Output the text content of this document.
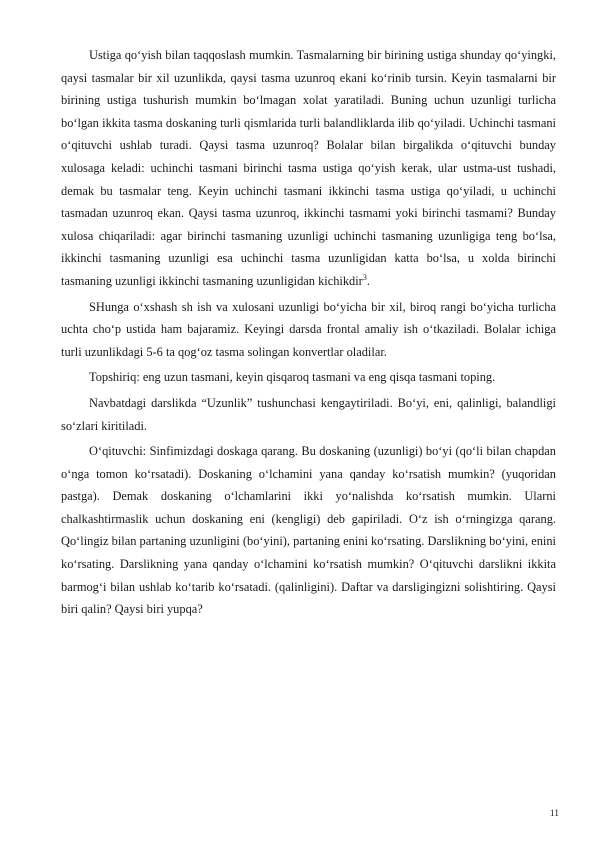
Ustiga qo‘yish bilan taqqoslash mumkin. Tasmalarning bir birining ustiga shunday qo‘yingki, qaysi tasmalar bir xil uzunlikda, qaysi tasma uzunroq ekani ko‘rinib tursin. Keyin tasmalarni bir birining ustiga tushurish mumkin bo‘lmagan xolat yaratiladi. Buning uchun uzunligi turlicha bo‘lgan ikkita tasma doskaning turli qismlarida turli balandliklarda ilib qo‘yiladi. Uchinchi tasmani o‘qituvchi ushlab turadi. Qaysi tasma uzunroq? Bolalar bilan birgalikda o‘qituvchi bunday xulosaga keladi: uchinchi tasmani birinchi tasma ustiga qo‘yish kerak, ular ustma-ust tushadi, demak bu tasmalar teng. Keyin uchinchi tasmani ikkinchi tasma ustiga qo‘yiladi, u uchinchi tasmadan uzunroq ekan. Qaysi tasma uzunroq, ikkinchi tasmami yoki birinchi tasmami? Bunday xulosa chiqariladi: agar birinchi tasmaning uzunligi uchinchi tasmaning uzunligiga teng bo‘lsa, ikkinchi tasmaning uzunligi esa uchinchi tasma uzunligidan katta bo‘lsa, u xolda birinchi tasmaning uzunligi ikkinchi tasmaning uzunligidan kichikdir$^3$.

SHunga o‘xshash sh ish va xulosani uzunligi bo‘yicha bir xil, biroq rangi bo‘yicha turlicha uchta cho‘p ustida ham bajaramiz. Keyingi darsda frontal amaliy ish o‘tkaziladi. Bolalar ichiga turli uzunlikdagi 5-6 ta qog‘oz tasma solingan konvertlar oladilar.

Topshiriq: eng uzun tasmani, keyin qisqaroq tasmani va eng qisqa tasmani toping.

Navbatdagi darslikda “Uzunlik” tushunchasi kengaytiriladi. Bo‘yi, eni, qalinligi, balandligi so‘zlari kiritiladi.

O‘qituvchi: Sinfimizdagi doskaga qarang. Bu doskaning (uzunligi) bo‘yi (qo‘li bilan chapdan o‘nga tomon ko‘rsatadi). Doskaning o‘lchamini yana qanday ko‘rsatish mumkin? (yuqoridan pastga). Demak doskaning o‘lchamlarini ikki yo‘nalishda ko‘rsatish mumkin. Ularni chalkashtirmaslik uchun doskaning eni (kengligi) deb gapiriladi. O‘z ish o‘rningizga qarang. Qo‘lingiz bilan partaning uzunligini (bo‘yini), partaning enini ko‘rsating. Darslikning bo‘yini, enini ko‘rsating. Darslikning yana qanday o‘lchamini ko‘rsatish mumkin? O‘qituvchi darslikni ikkita barmog‘i bilan ushlab ko‘tarib ko‘rsatadi. (qalinligini). Daftar va darsligingizni solishtiring. Qaysi biri qalin? Qaysi biri yupqa?

11
